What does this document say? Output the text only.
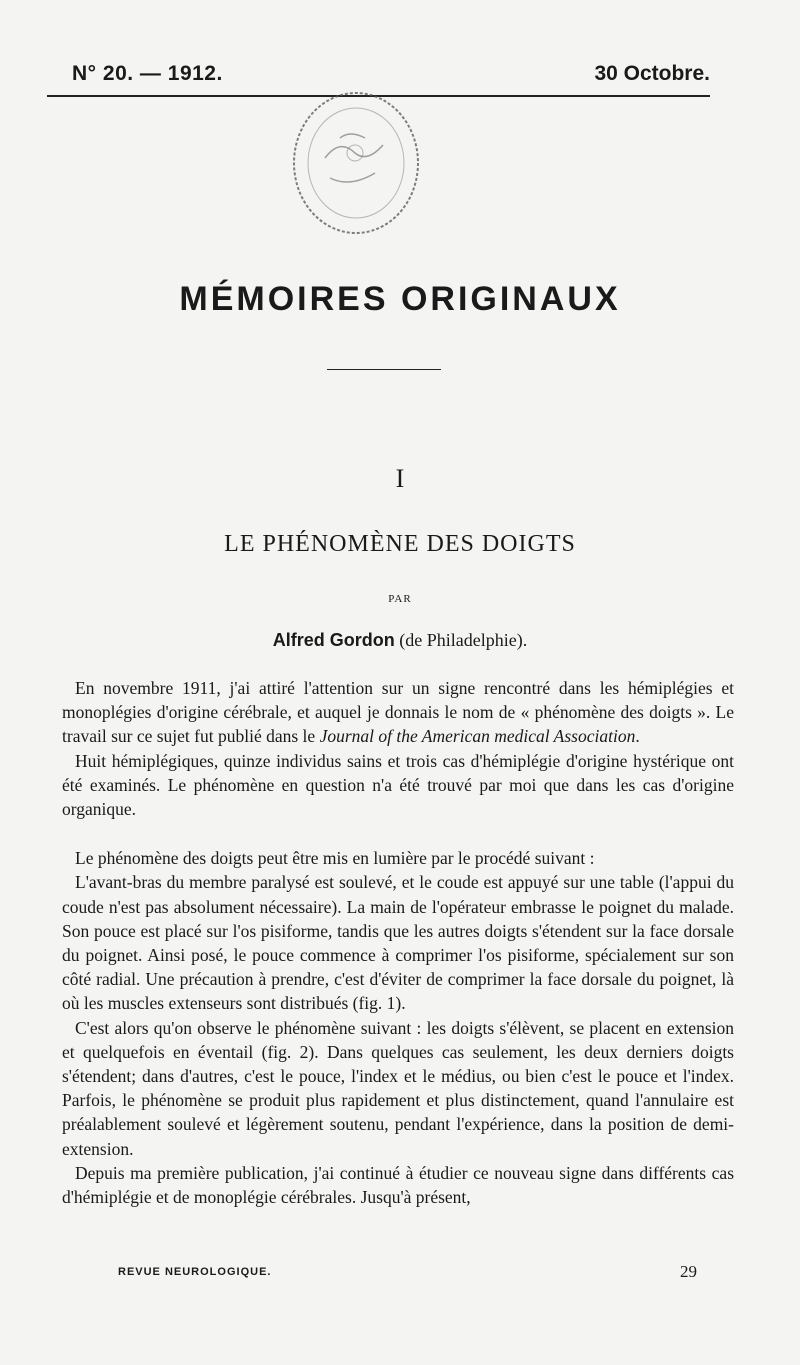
N° 20. — 1912.	30 Octobre.
MÉMOIRES ORIGINAUX
I
LE PHÉNOMÈNE DES DOIGTS
PAR
Alfred Gordon (de Philadelphie).

En novembre 1911, j'ai attiré l'attention sur un signe rencontré dans les hémiplégies et monoplégies d'origine cérébrale, et auquel je donnais le nom de « phénomène des doigts ». Le travail sur ce sujet fut publié dans le Journal of the American medical Association.

Huit hémiplégiques, quinze individus sains et trois cas d'hémiplégie d'origine hystérique ont été examinés. Le phénomène en question n'a été trouvé par moi que dans les cas d'origine organique.

Le phénomène des doigts peut être mis en lumière par le procédé suivant :

L'avant-bras du membre paralysé est soulevé, et le coude est appuyé sur une table (l'appui du coude n'est pas absolument nécessaire). La main de l'opérateur embrasse le poignet du malade. Son pouce est placé sur l'os pisiforme, tandis que les autres doigts s'étendent sur la face dorsale du poignet. Ainsi posé, le pouce commence à comprimer l'os pisiforme, spécialement sur son côté radial. Une précaution à prendre, c'est d'éviter de comprimer la face dorsale du poignet, là où les muscles extenseurs sont distribués (fig. 1).

C'est alors qu'on observe le phénomène suivant : les doigts s'élèvent, se placent en extension et quelquefois en éventail (fig. 2). Dans quelques cas seulement, les deux derniers doigts s'étendent; dans d'autres, c'est le pouce, l'index et le médius, ou bien c'est le pouce et l'index. Parfois, le phénomène se produit plus rapidement et plus distinctement, quand l'annulaire est préalablement soulevé et légèrement soutenu, pendant l'expérience, dans la position de demi-extension.

Depuis ma première publication, j'ai continué à étudier ce nouveau signe dans différents cas d'hémiplégie et de monoplégie cérébrales. Jusqu'à présent,

REVUE NEUROLOGIQUE.	29
